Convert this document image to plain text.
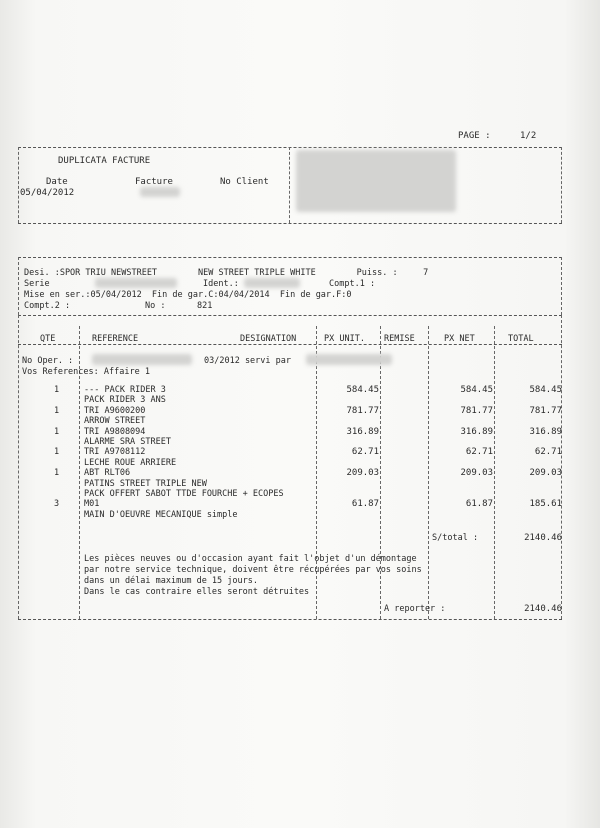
PAGE :	1/2
DUPLICATA FACTURE
Date	Facture	No Client
05/04/2012
Desi. :SPOR TRIU NEWSTREET        NEW STREET TRIPLE WHITE        Puiss. :     7
Serie	Ident.:	Compt.1 :
Mise en ser.:05/04/2012  Fin de gar.C:04/04/2014  Fin de gar.F:0
Compt.2 :	No :	821
QTE	REFERENCE	DESIGNATION	PX UNIT. REMISE	PX NET	TOTAL
No Oper. :	03/2012 servi par
Vos References: Affaire 1
1	--- PACK RIDER 3	584.45	584.45	584.45
PACK RIDER 3 ANS
1	TRI A9600200	781.77	781.77	781.77
ARROW STREET
1	TRI A9808094	316.89	316.89	316.89
ALARME SRA STREET
1	TRI A9708112	62.71	62.71	62.71
LECHE ROUE ARRIERE
1	ABT RLT06	209.03	209.03	209.03
PATINS STREET TRIPLE NEW
PACK OFFERT SABOT TTDE FOURCHE + ECOPES
3	M01	61.87	61.87	185.61
MAIN D'OEUVRE MECANIQUE simple
S/total :	2140.46
Les pièces neuves ou d'occasion ayant fait l'objet d'un démontage
par notre service technique, doivent être récupérées par vos soins
dans un délai maximum de 15 jours.
Dans le cas contraire elles seront détruites
A reporter :	2140.46
